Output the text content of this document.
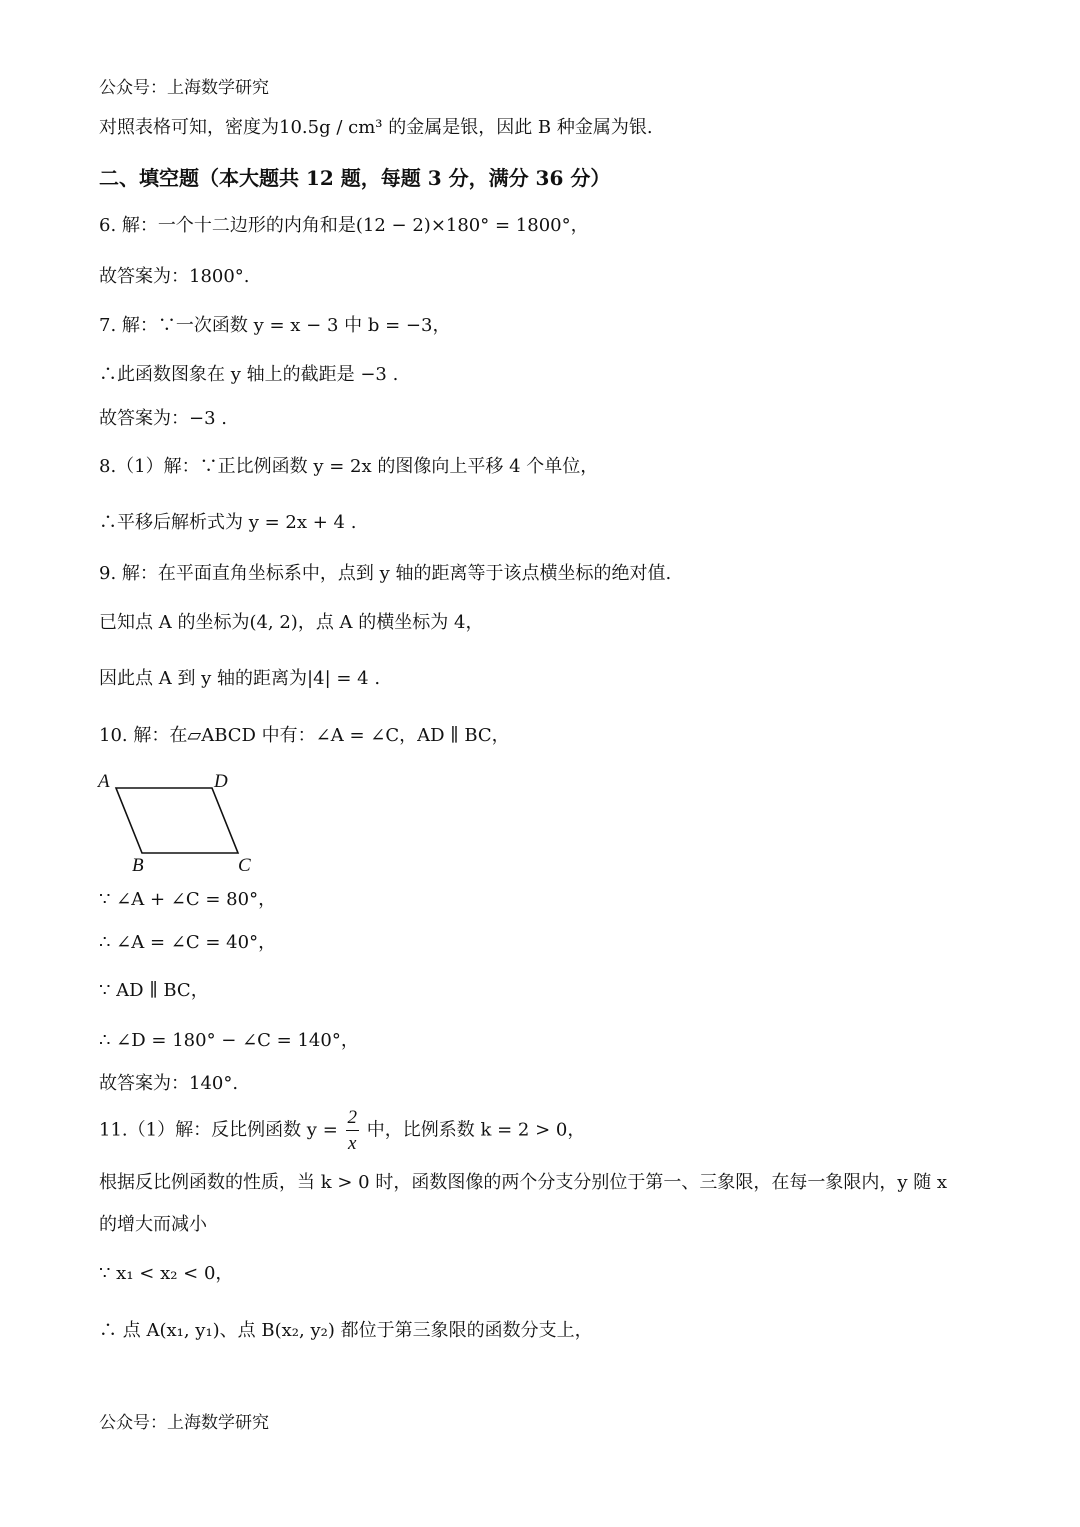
公众号：上海数学研究
对照表格可知，密度为10.5g / cm³ 的金属是银，因此 B 种金属为银.
二、填空题（本大题共 12 题，每题 3 分，满分 36 分）
6. 解：一个十二边形的内角和是(12 − 2)×180° = 1800°，
故答案为：1800°.
7. 解：∵一次函数 y = x − 3 中 b = −3，
∴此函数图象在 y 轴上的截距是 −3 .
故答案为：−3 .
8.（1）解：∵正比例函数 y = 2x 的图像向上平移 4 个单位，
∴平移后解析式为 y = 2x + 4 .
9. 解：在平面直角坐标系中，点到 y 轴的距离等于该点横坐标的绝对值.
已知点 A 的坐标为(4, 2)，点 A 的横坐标为 4，
因此点 A 到 y 轴的距离为|4| = 4 .
10. 解：在▱ABCD 中有：∠A = ∠C，AD ∥ BC，
A	D
B	C
∵ ∠A + ∠C = 80°，
∴ ∠A = ∠C = 40°，
∵ AD ∥ BC，
∴ ∠D = 180° − ∠C = 140°，
故答案为：140°.
11.（1）解：反比例函数 $y = \frac{2}{x}$ 中，比例系数 k = 2 > 0，
根据反比例函数的性质，当 k > 0 时，函数图像的两个分支分别位于第一、三象限，在每一象限内，y 随 x
的增大而减小
∵ x₁ < x₂ < 0，
∴ 点 A(x₁, y₁)、点 B(x₂, y₂) 都位于第三象限的函数分支上，
公众号：上海数学研究
